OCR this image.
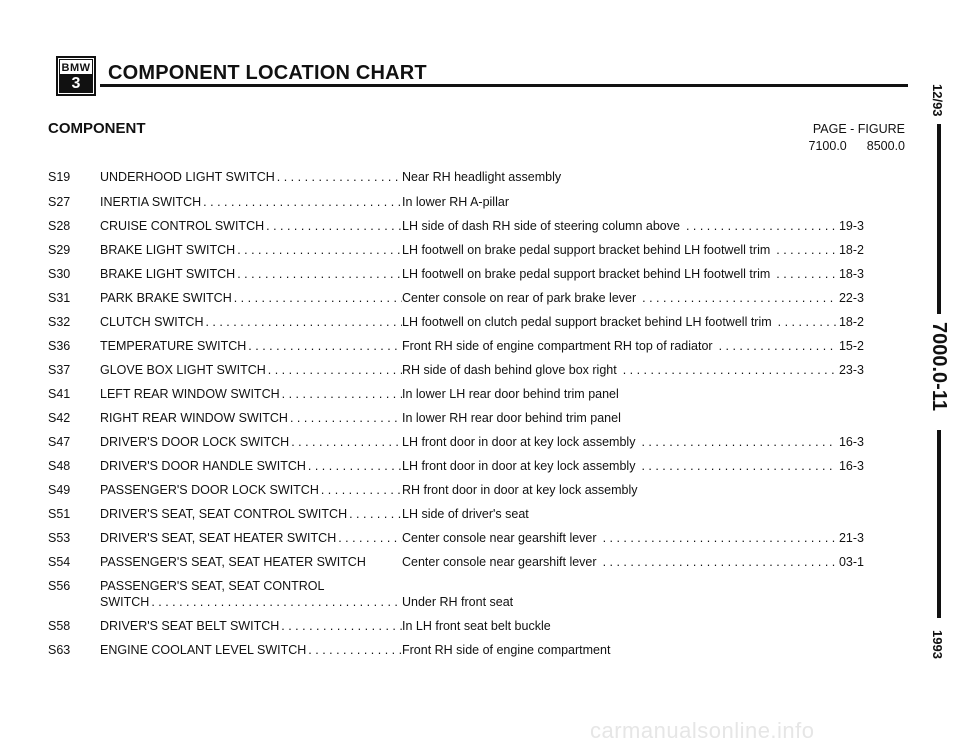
BMW
3	COMPONENT LOCATION CHART
COMPONENT	PAGE - FIGURE
7100.0 8500.0
S19	UNDERHOOD LIGHT SWITCH . . .	Near RH headlight assembly
S27	INERTIA SWITCH . . .	In lower RH A-pillar
S28	CRUISE CONTROL SWITCH . . .	LH side of dash RH side of steering column above . . .	19-3
S29	BRAKE LIGHT SWITCH . . .	LH footwell on brake pedal support bracket behind LH footwell trim . . .	18-2
S30	BRAKE LIGHT SWITCH . . .	LH footwell on brake pedal support bracket behind LH footwell trim . . .	18-3
S31	PARK BRAKE SWITCH . . .	Center console on rear of park brake lever . . .	22-3
S32	CLUTCH SWITCH . . .	LH footwell on clutch pedal support bracket behind LH footwell trim . . .	18-2
S36	TEMPERATURE SWITCH . . .	Front RH side of engine compartment RH top of radiator . . .	15-2
S37	GLOVE BOX LIGHT SWITCH . . .	RH side of dash behind glove box right . . .	23-3
S41	LEFT REAR WINDOW SWITCH . . .	In lower LH rear door behind trim panel
S42	RIGHT REAR WINDOW SWITCH . . .	In lower RH rear door behind trim panel
S47	DRIVER'S DOOR LOCK SWITCH . . .	LH front door in door at key lock assembly . . .	16-3
S48	DRIVER'S DOOR HANDLE SWITCH . . .	LH front door in door at key lock assembly . . .	16-3
S49	PASSENGER'S DOOR LOCK SWITCH . . .	RH front door in door at key lock assembly
S51	DRIVER'S SEAT, SEAT CONTROL SWITCH . . .	LH side of driver's seat
S53	DRIVER'S SEAT, SEAT HEATER SWITCH . . .	Center console near gearshift lever . . .	21-3
S54	PASSENGER'S SEAT, SEAT HEATER SWITCH	Center console near gearshift lever . . .	03-1
S56	PASSENGER'S SEAT, SEAT CONTROL
SWITCH . . .	Under RH front seat
S58	DRIVER'S SEAT BELT SWITCH . . .	In LH front seat belt buckle
S63	ENGINE COOLANT LEVEL SWITCH . . .	Front RH side of engine compartment
12/93
7000.0-11
1993
carmanualsonline.info
